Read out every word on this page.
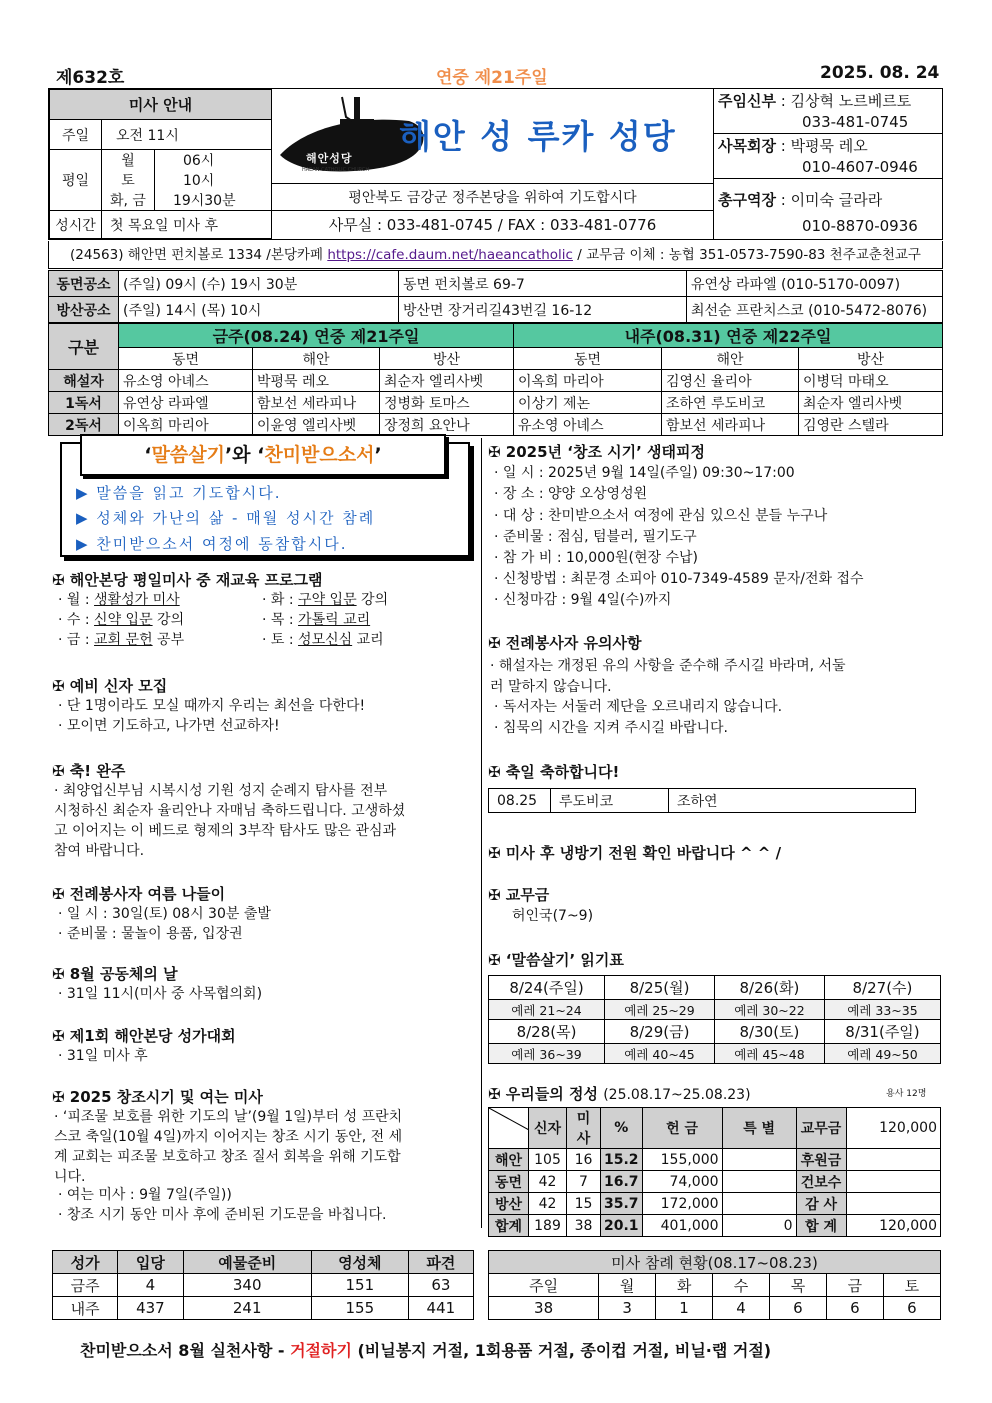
제632호	연중 제21주일	2025. 08. 24
미사 안내		
주일	오전 11시	
평일	월	06시
	토	10시
	화, 금	19시30분
성시간	첫 목요일 미사 후	
해안성당
HAEAN CATHOLIC CHURCH
해안 성 루카 성당
평안북도 금강군 정주본당을 위하여 기도합시다
사무실 : 033-481-0745 / FAX : 033-481-0776
주임신부 : 김상혁 노르베르토
033-481-0745
사목회장 : 박평묵 레오
010-4607-0946
총구역장 : 이미숙 글라라
010-8870-0936
(24563) 해안면 펀치볼로 1334 /본당카페 https://cafe.daum.net/haeancatholic / 교무금 이체 : 농협 351-0573-7590-83 천주교춘천교구
동면공소	(주일) 09시 (수) 19시 30분	동면 펀치볼로 69-7	유연상 라파엘 (010-5170-0097)
방산공소	(주일) 14시 (목) 10시	방산면 장거리길43번길 16-12	최선순 프란치스코 (010-5472-8076)
구분	금주(08.24) 연중 제21주일			내주(08.31) 연중 제22주일		
	동면	해안	방산	동면	해안	방산
해설자	유소영 아녜스	박평묵 레오	최순자 엘리사벳	이옥희 마리아	김영신 율리아	이병덕 마태오
1독서	유연상 라파엘	함보선 세라피나	정병화 토마스	이상기 제논	조하연 루도비코	최순자 엘리사벳
2독서	이옥희 마리아	이윤영 엘리사벳	장정희 요안나	유소영 아녜스	함보선 세라피나	김영란 스텔라
‘말씀살기’와 ‘찬미받으소서’
▶ 말씀을 읽고 기도합시다.
▶ 성체와 가난의 삶 - 매월 성시간 참례
▶ 찬미받으소서 여정에 동참합시다.
✠ 해안본당 평일미사 중 재교육 프로그램
· 월 : 생활성가 미사	· 화 : 구약 입문 강의
· 수 : 신약 입문 강의	· 목 : 가톨릭 교리
· 금 : 교회 문헌 공부	· 토 : 성모신심 교리
✠ 예비 신자 모집
· 단 1명이라도 모실 때까지 우리는 최선을 다한다!
· 모이면 기도하고, 나가면 선교하자!
✠ 축! 완주
· 최양업신부님 시복시성 기원 성지 순례지 탐사를 전부
시청하신 최순자 율리안나 자매님 축하드립니다. 고생하셨
고 이어지는 이 베드로 형제의 3부작 탐사도 많은 관심과
참여 바랍니다.
✠ 전례봉사자 여름 나들이
· 일 시 : 30일(토) 08시 30분 출발
· 준비물 : 물놀이 용품, 입장권
✠ 8월 공동체의 날
· 31일 11시(미사 중 사목협의회)
✠ 제1회 해안본당 성가대회
· 31일 미사 후
✠ 2025 창조시기 및 여는 미사
· ‘피조물 보호를 위한 기도의 날’(9월 1일)부터 성 프란치
스코 축일(10월 4일)까지 이어지는 창조 시기 동안, 전 세
계 교회는 피조물 보호하고 창조 질서 회복을 위해 기도합
니다.
· 여는 미사 : 9월 7일(주일))
· 창조 시기 동안 미사 후에 준비된 기도문을 바칩니다.
✠ 2025년 ‘창조 시기’ 생태피정
· 일 시 : 2025년 9월 14일(주일) 09:30~17:00
· 장 소 : 양양 오상영성원
· 대 상 : 찬미받으소서 여정에 관심 있으신 분들 누구나
· 준비물 : 점심, 텀블러, 필기도구
· 참 가 비 : 10,000원(현장 수납)
· 신청방법 : 최문경 소피아 010-7349-4589 문자/전화 접수
· 신청마감 : 9월 4일(수)까지
✠ 전례봉사자 유의사항
· 해설자는 개정된 유의 사항을 준수해 주시길 바라며, 서둘
러 말하지 않습니다.
· 독서자는 서둘러 제단을 오르내리지 않습니다.
· 침묵의 시간을 지켜 주시길 바랍니다.
✠ 축일 축하합니다!
08.25	루도비코	조하연
✠ 미사 후 냉방기 전원 확인 바랍니다 ^ ^ /
✠ 교무금
허인국(7~9)
✠ ‘말씀살기’ 읽기표
8/24(주일)	8/25(월)	8/26(화)	8/27(수)
예레 21~24	예레 25~29	예레 30~22	예레 33~35
8/28(목)	8/29(금)	8/30(토)	8/31(주일)
예레 36~39	예레 40~45	예레 45~48	예레 49~50
✠ 우리들의 정성 (25.08.17~25.08.23)	용사 12명
	신자	미사	%	헌 금	특 별	교무금	120,000
해안	105	16	15.2	155,000		후원금	
동면	42	7	16.7	74,000		건보수	
방산	42	15	35.7	172,000		감 사	
합계	189	38	20.1	401,000	0	합 계	120,000
성가	입당	예물준비	영성체	파견
금주	4	340	151	63
내주	437	241	155	441
미사 참례 현황(08.17~08.23)						
주일	월	화	수	목	금	토
38	3	1	4	6	6	6
찬미받으소서 8월 실천사항 - 거절하기 (비닐봉지 거절, 1회용품 거절, 종이컵 거절, 비닐·랩 거절)
